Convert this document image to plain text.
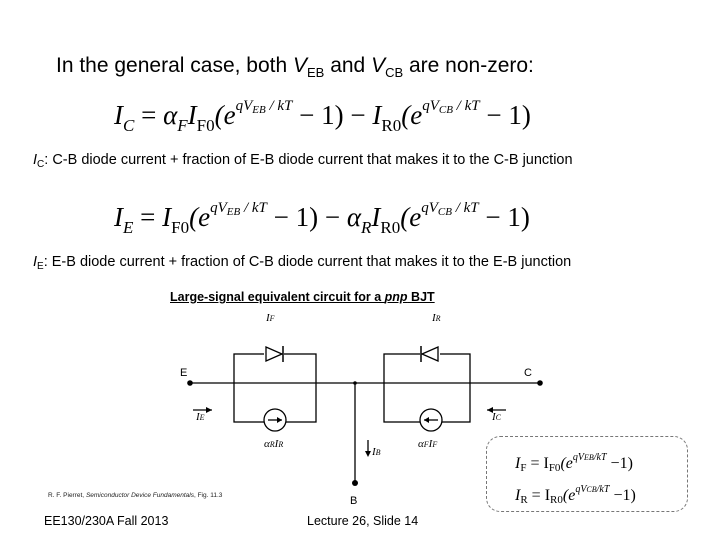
In the general case, both $V_{EB}$ and $V_{CB}$ are non-zero:
$I_C = \alpha_FI_{F0}(e^{qV_{EB} / kT} - 1) - I_{R0}(e^{qV_{CB} / kT} - 1)$
$I_C$: C-B diode current + fraction of E-B diode current that makes it to the C-B junction
$I_E = I_{F0}(e^{qV_{EB} / kT} - 1) - \alpha_RI_{R0}(e^{qV_{CB} / kT} - 1)$
$I_E$: E-B diode current + fraction of C-B diode current that makes it to the E-B junction
Large-signal equivalent circuit for a pnp BJT
IF	IR
E	C
B
IE	IC
IB
αRIR	αFIF
R. F. Pierret, Semiconductor Device Fundamentals, Fig. 11.3
IF = $IF0(e^{qVEB/kT} -1)$
IR = $IR0(e^{qVCB/kT} -1)$
EE130/230A Fall 2013	Lecture 26, Slide 14
